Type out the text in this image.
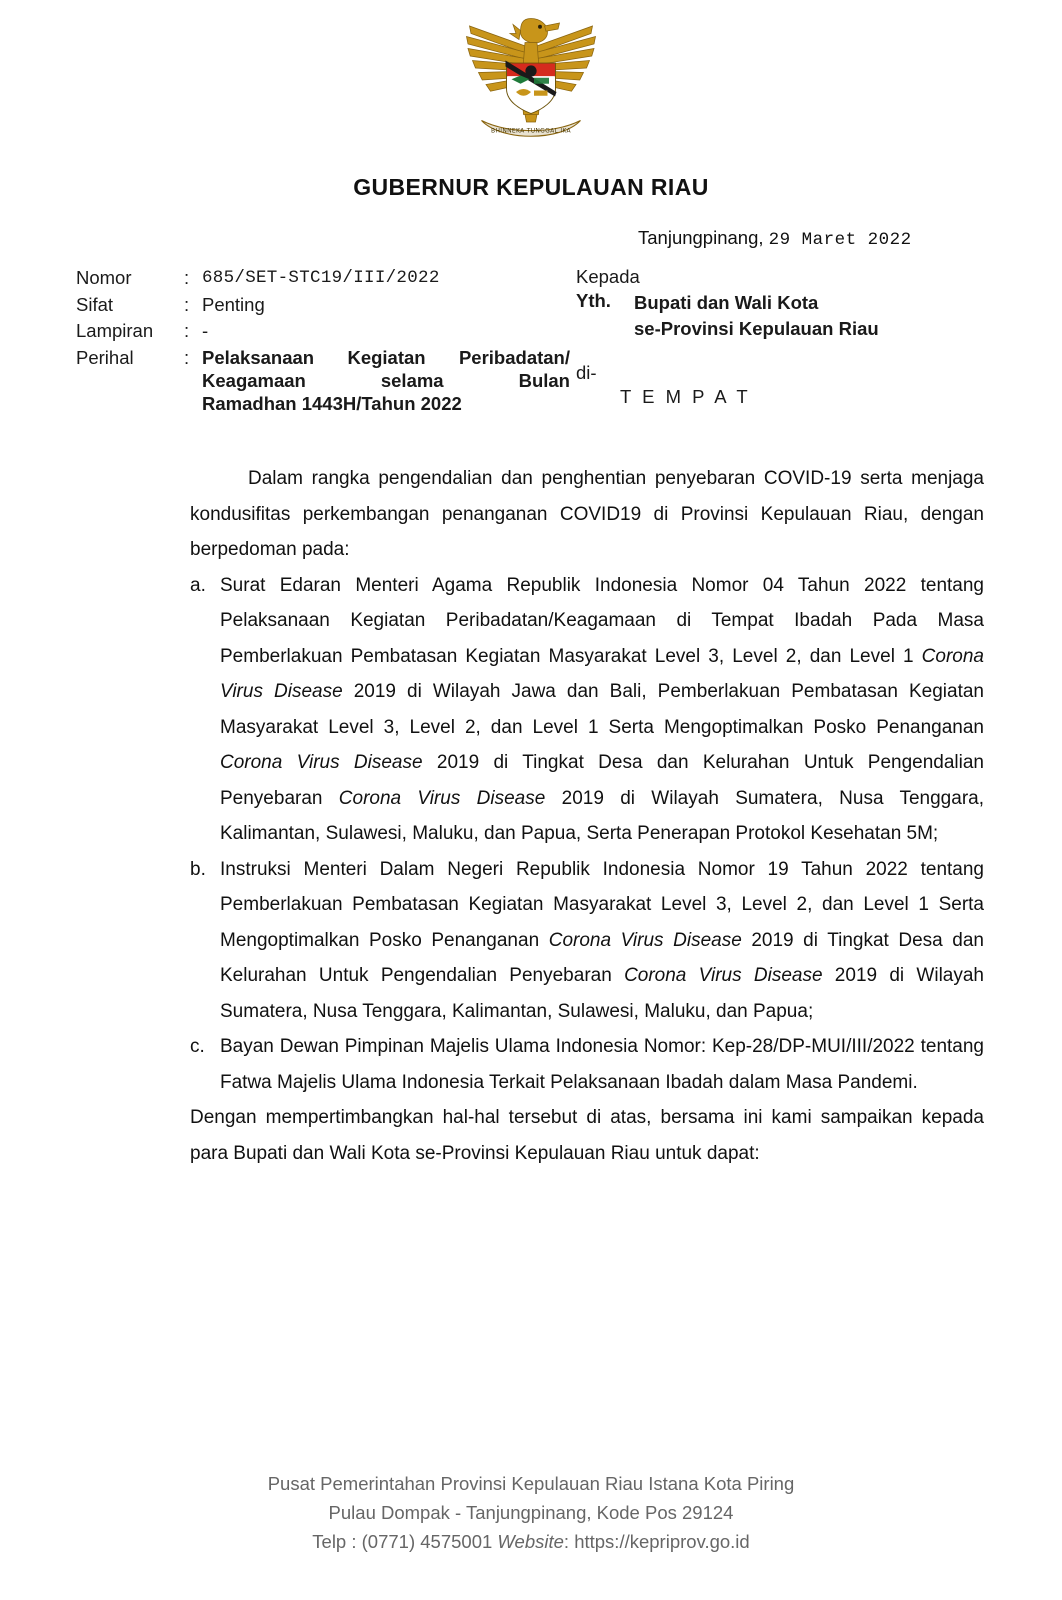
BHINNEKA TUNGGAL IKA
GUBERNUR KEPULAUAN RIAU
Tanjungpinang, 29 Maret 2022
Nomor	: 685/SET-STC19/III/2022
Sifat	: Penting
Lampiran	: -
Perihal	: Pelaksanaan Kegiatan Peribadatan/
Keagamaan selama Bulan
Ramadhan 1443H/Tahun 2022
Kepada
Yth.	Bupati dan Wali Kota
se-Provinsi Kepulauan Riau
di-
T E M P A T

Dalam rangka pengendalian dan penghentian penyebaran COVID-19 serta menjaga kondusifitas perkembangan penanganan COVID19 di Provinsi Kepulauan Riau, dengan berpedoman pada:

a. Surat Edaran Menteri Agama Republik Indonesia Nomor 04 Tahun 2022 tentang Pelaksanaan Kegiatan Peribadatan/Keagamaan di Tempat Ibadah Pada Masa Pemberlakuan Pembatasan Kegiatan Masyarakat Level 3, Level 2, dan Level 1 Corona Virus Disease 2019 di Wilayah Jawa dan Bali, Pemberlakuan Pembatasan Kegiatan Masyarakat Level 3, Level 2, dan Level 1 Serta Mengoptimalkan Posko Penanganan Corona Virus Disease 2019 di Tingkat Desa dan Kelurahan Untuk Pengendalian Penyebaran Corona Virus Disease 2019 di Wilayah Sumatera, Nusa Tenggara, Kalimantan, Sulawesi, Maluku, dan Papua, Serta Penerapan Protokol Kesehatan 5M;
b. Instruksi Menteri Dalam Negeri Republik Indonesia Nomor 19 Tahun 2022 tentang Pemberlakuan Pembatasan Kegiatan Masyarakat Level 3, Level 2, dan Level 1 Serta Mengoptimalkan Posko Penanganan Corona Virus Disease 2019 di Tingkat Desa dan Kelurahan Untuk Pengendalian Penyebaran Corona Virus Disease 2019 di Wilayah Sumatera, Nusa Tenggara, Kalimantan, Sulawesi, Maluku, dan Papua;
c. Bayan Dewan Pimpinan Majelis Ulama Indonesia Nomor: Kep-28/DP-MUI/III/2022 tentang Fatwa Majelis Ulama Indonesia Terkait Pelaksanaan Ibadah dalam Masa Pandemi.

Dengan mempertimbangkan hal-hal tersebut di atas, bersama ini kami sampaikan kepada para Bupati dan Wali Kota se-Provinsi Kepulauan Riau untuk dapat:

Pusat Pemerintahan Provinsi Kepulauan Riau Istana Kota Piring
Pulau Dompak - Tanjungpinang, Kode Pos 29124
Telp : (0771) 4575001 Website: https://kepriprov.go.id
